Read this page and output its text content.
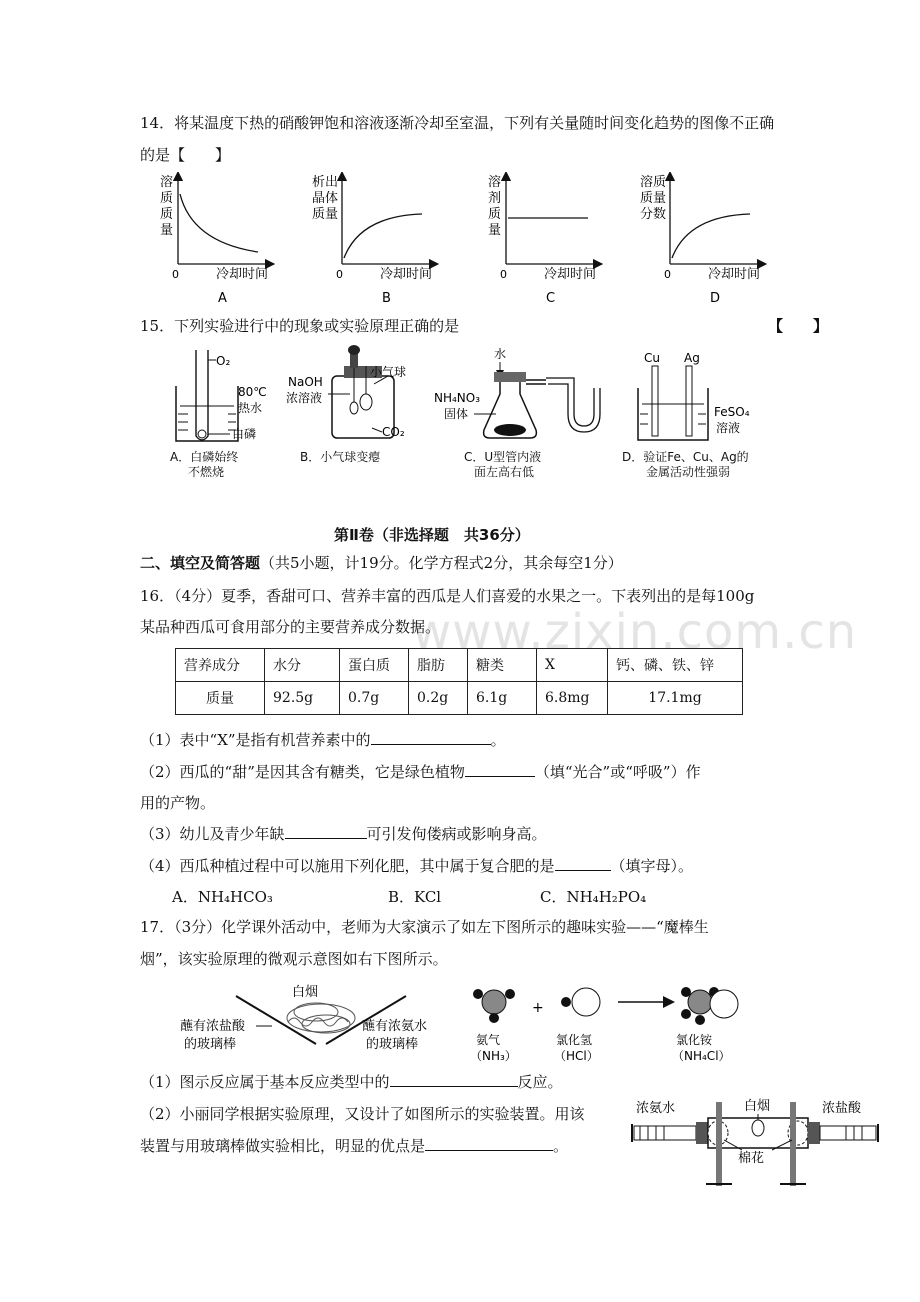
www.zixin.com.cn
14．将某温度下热的硝酸钾饱和溶液逐渐冷却至室温，下列有关量随时间变化趋势的图像不正确
的是【　　】
溶
质
质
量
0	冷却时间
A
析出
晶体
质量
0	冷却时间
B
溶
剂
质
量
0	冷却时间
C
溶质
质量
分数
0	冷却时间
D
15．下列实验进行中的现象或实验原理正确的是	【　　】
O₂
80℃
热水
白磷
A．白磷始终
不燃烧
小气球
NaOH
浓溶液
CO₂
B．小气球变瘪
水
NH₄NO₃
固体
C．U型管内液
面左高右低
Cu Ag
FeSO₄
溶液
D．验证Fe、Cu、Ag的
金属活动性强弱
第Ⅱ卷（非选择题　共36分）
二、填空及简答题（共5小题，计19分。化学方程式2分，其余每空1分）
16．（4分）夏季，香甜可口、营养丰富的西瓜是人们喜爱的水果之一。下表列出的是每100g
某品种西瓜可食用部分的主要营养成分数据。
营养成分	水分	蛋白质	脂肪	糖类	X	钙、磷、铁、锌
质量	92.5g	0.7g	0.2g	6.1g	6.8mg	17.1mg
（1）表中“X”是指有机营养素中的	。
（2）西瓜的“甜”是因其含有糖类，它是绿色植物	（填“光合”或“呼吸”）作
用的产物。
（3）幼儿及青少年缺	可引发佝偻病或影响身高。
（4）西瓜种植过程中可以施用下列化肥，其中属于复合肥的是	（填字母）。
A．NH₄HCO₃	B．KCl	C．NH₄H₂PO₄
17．（3分）化学课外活动中，老师为大家演示了如左下图所示的趣味实验——“魔棒生
烟”，该实验原理的微观示意图如右下图所示。
白烟
蘸有浓盐酸
的玻璃棒
蘸有浓氨水
的玻璃棒
+
氨气
（NH₃）
氯化氢
（HCl）
氯化铵
（NH₄Cl）
（1）图示反应属于基本反应类型中的	反应。
（2）小丽同学根据实验原理，又设计了如图所示的实验装置。用该
装置与用玻璃棒做实验相比，明显的优点是	。
浓氨水	白烟	浓盐酸
棉花
